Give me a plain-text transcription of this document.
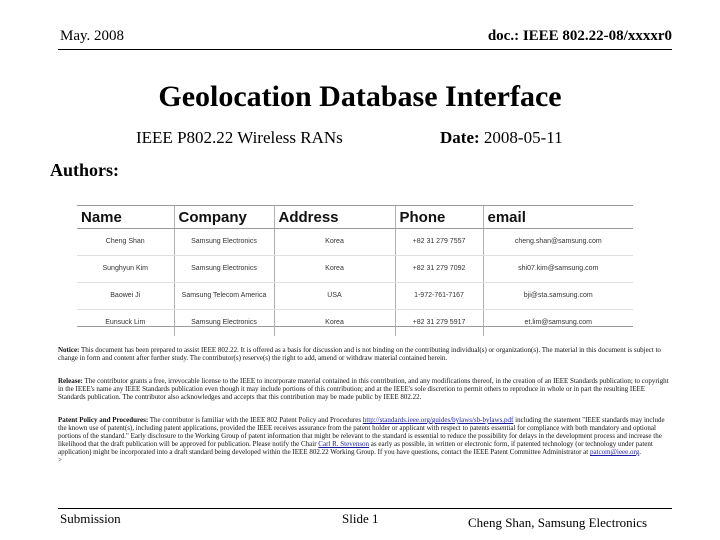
May. 2008	doc.: IEEE 802.22-08/xxxxr0
Geolocation Database Interface
IEEE P802.22 Wireless RANs	Date: 2008-05-11
Authors:
Name	Company	Address	Phone	email
Cheng Shan	Samsung Electronics	Korea	+82 31 279 7557	cheng.shan@samsung.com
Sunghyun Kim	Samsung Electronics	Korea	+82 31 279 7092	shi07.kim@samsung.com
Baowei Ji	Samsung Telecom America	USA	1-972-761-7167	bji@sta.samsung.com
Eunsuck Lim	Samsung Electronics	Korea	+82 31 279 5917	et.lim@samsung.com

Notice: This document has been prepared to assist IEEE 802.22. It is offered as a basis for discussion and is not binding on the contributing individual(s) or organization(s). The material in this document is subject to change in form and content after further study. The contributor(s) reserve(s) the right to add, amend or withdraw material contained herein.

Release: The contributor grants a free, irrevocable license to the IEEE to incorporate material contained in this contribution, and any modifications thereof, in the creation of an IEEE Standards publication; to copyright in the IEEE's name any IEEE Standards publication even though it may include portions of this contribution; and at the IEEE's sole discretion to permit others to reproduce in whole or in part the resulting IEEE Standards publication. The contributor also acknowledges and accepts that this contribution may be made public by IEEE 802.22.

Patent Policy and Procedures: The contributor is familiar with the IEEE 802 Patent Policy and Procedures http://standards.ieee.org/guides/bylaws/sb-bylaws.pdf including the statement "IEEE standards may include the known use of patent(s), including patent applications, provided the IEEE receives assurance from the patent holder or applicant with respect to patents essential for compliance with both mandatory and optional portions of the standard." Early disclosure to the Working Group of patent information that might be relevant to the standard is essential to reduce the possibility for delays in the development process and increase the likelihood that the draft publication will be approved for publication. Please notify the Chair Carl R. Stevenson as early as possible, in written or electronic form, if patented technology (or technology under patent application) might be incorporated into a draft standard being developed within the IEEE 802.22 Working Group. If you have questions, contact the IEEE Patent Committee Administrator at patcom@ieee.org.

>

Submission	Slide 1	Cheng Shan, Samsung Electronics
